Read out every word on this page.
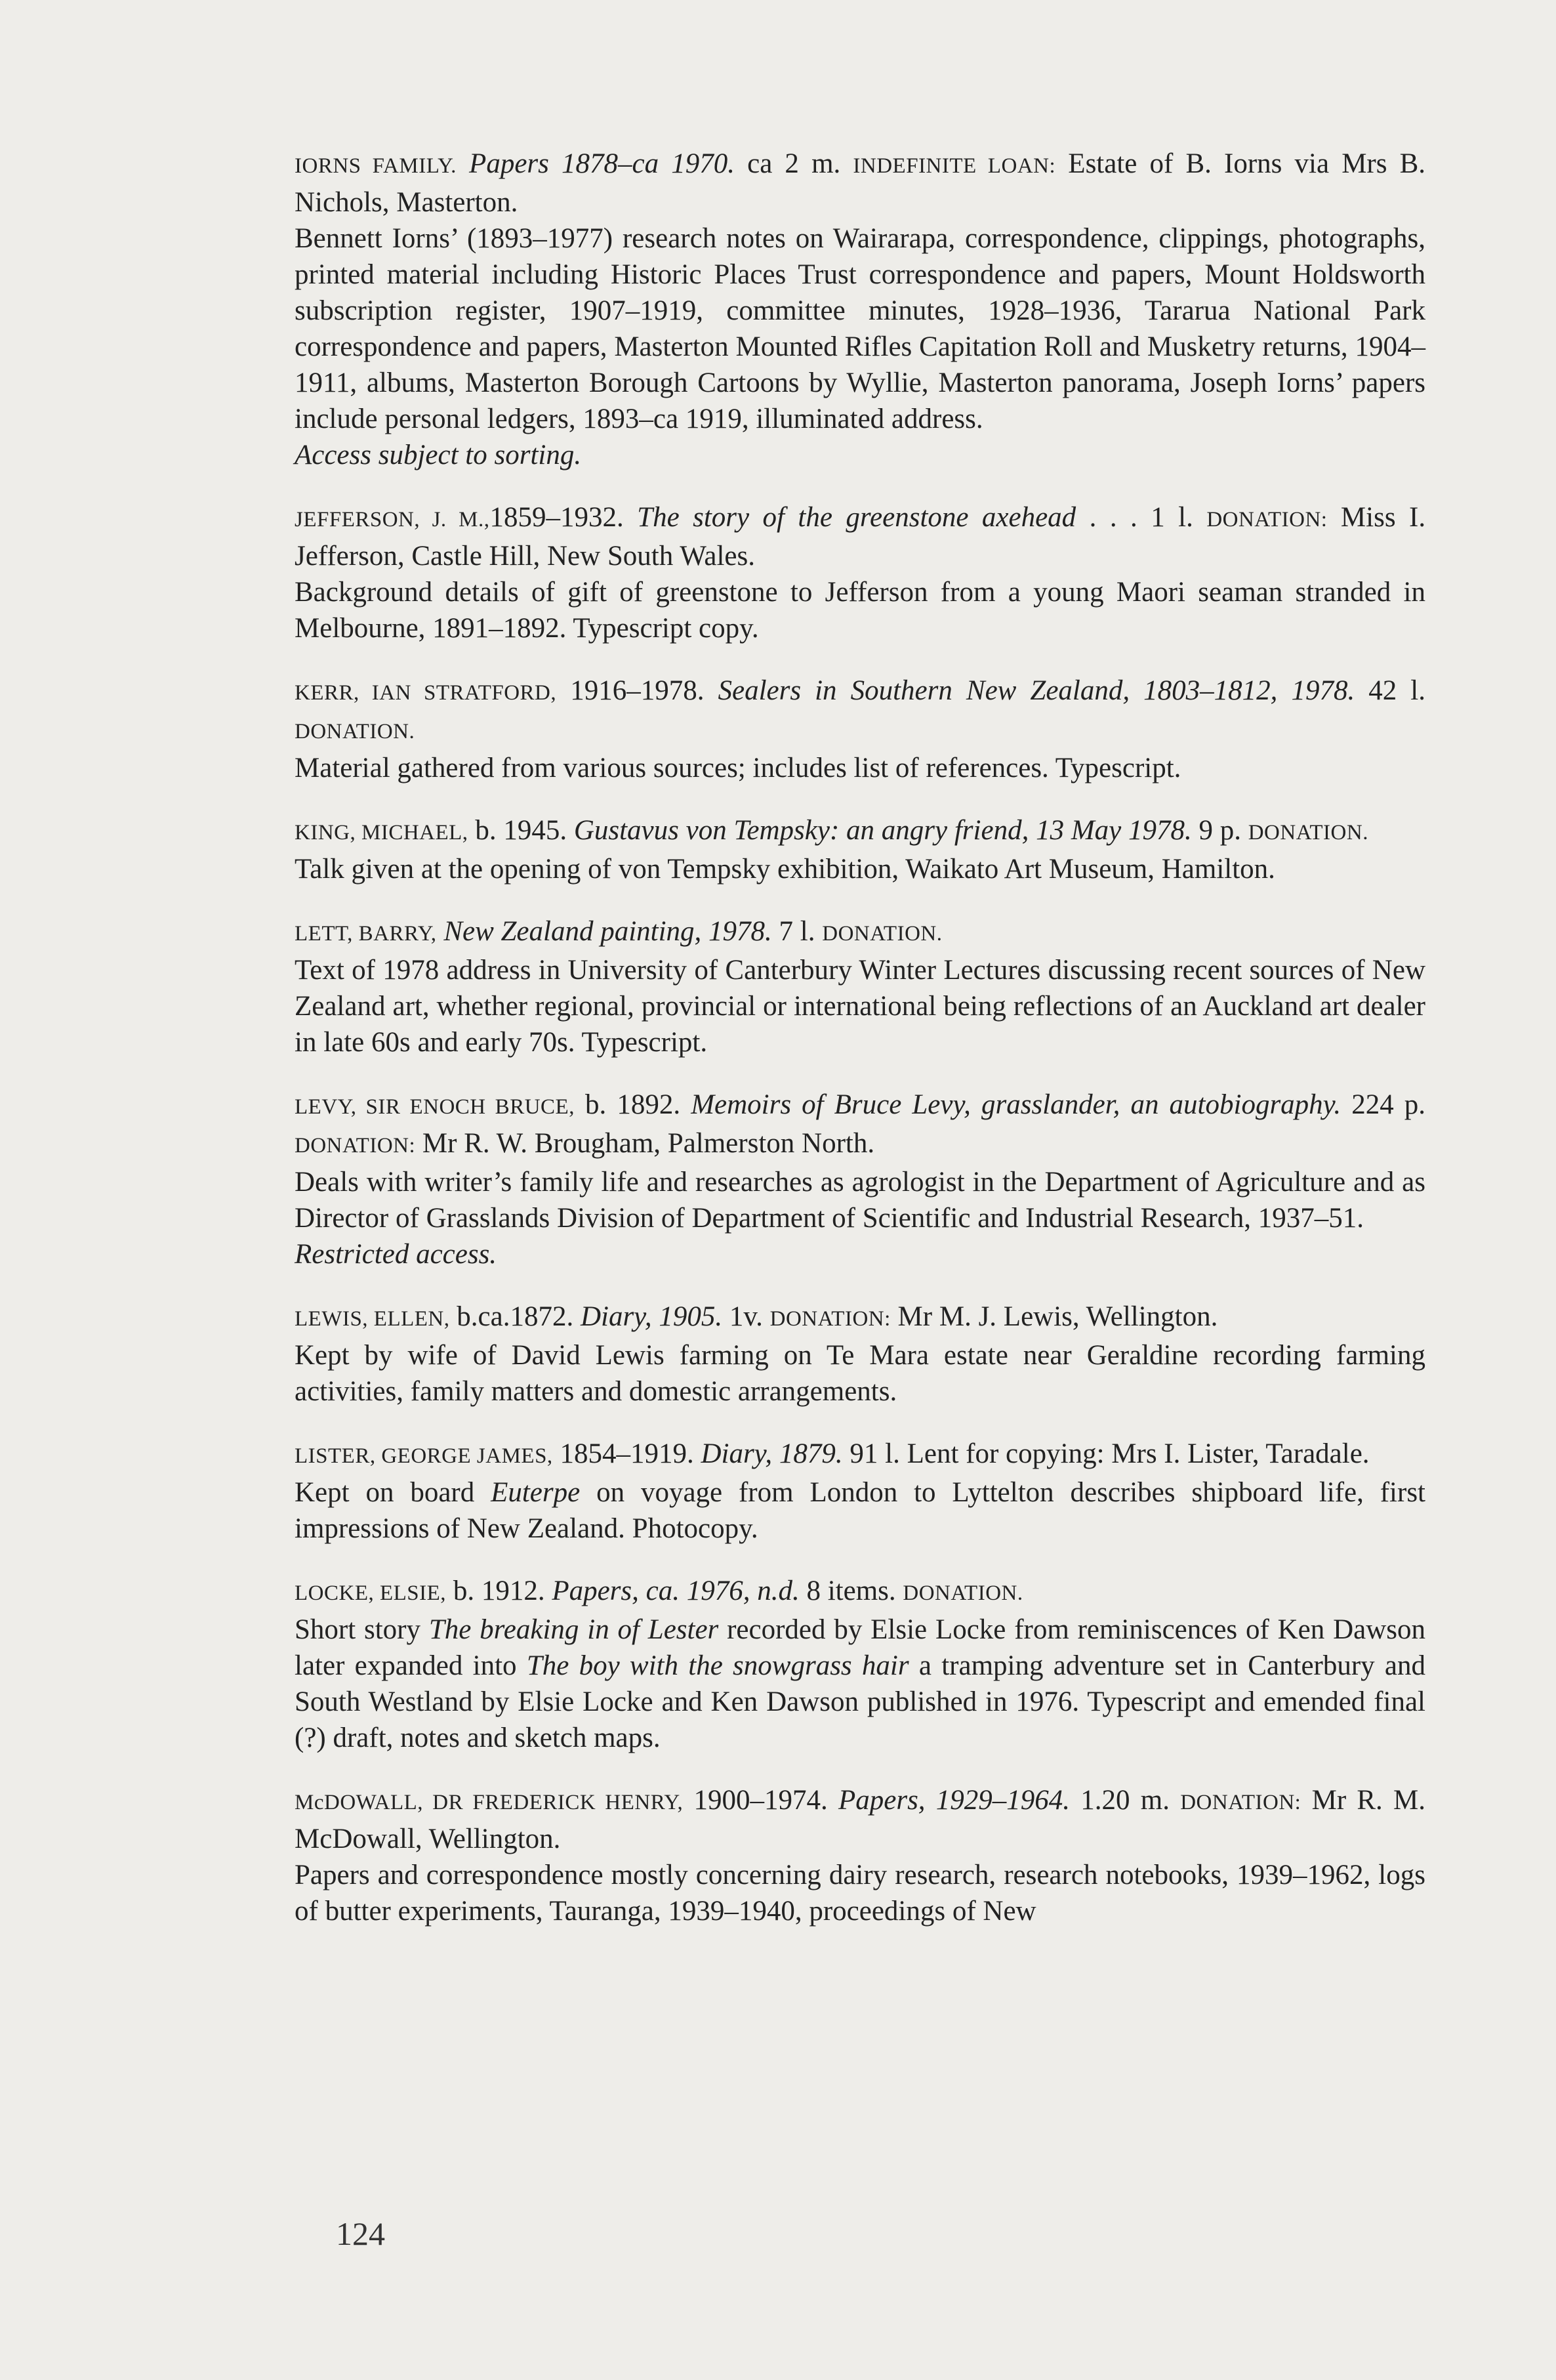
IORNS FAMILY. Papers 1878–ca 1970. ca 2 m. INDEFINITE LOAN: Estate of B. Iorns via Mrs B. Nichols, Masterton.

Bennett Iorns’ (1893–1977) research notes on Wairarapa, correspondence, clippings, photographs, printed material including Historic Places Trust correspondence and papers, Mount Holdsworth subscription register, 1907–1919, committee minutes, 1928–1936, Tararua National Park correspondence and papers, Masterton Mounted Rifles Capitation Roll and Musketry returns, 1904–1911, albums, Masterton Borough Cartoons by Wyllie, Masterton panorama, Joseph Iorns’ papers include personal ledgers, 1893–ca 1919, illuminated address.

Access subject to sorting.

JEFFERSON, J. M.,1859–1932. The story of the greenstone axehead . . . 1 l. DONATION: Miss I. Jefferson, Castle Hill, New South Wales.

Background details of gift of greenstone to Jefferson from a young Maori seaman stranded in Melbourne, 1891–1892. Typescript copy.

KERR, IAN STRATFORD, 1916–1978. Sealers in Southern New Zealand, 1803–1812, 1978. 42 l. DONATION.

Material gathered from various sources; includes list of references. Typescript.

KING, MICHAEL, b. 1945. Gustavus von Tempsky: an angry friend, 13 May 1978. 9 p. DONATION.

Talk given at the opening of von Tempsky exhibition, Waikato Art Museum, Hamilton.

LETT, BARRY, New Zealand painting, 1978. 7 l. DONATION.

Text of 1978 address in University of Canterbury Winter Lectures discussing recent sources of New Zealand art, whether regional, provincial or international being reflections of an Auckland art dealer in late 60s and early 70s. Typescript.

LEVY, SIR ENOCH BRUCE, b. 1892. Memoirs of Bruce Levy, grasslander, an autobiography. 224 p. DONATION: Mr R. W. Brougham, Palmerston North.

Deals with writer’s family life and researches as agrologist in the Department of Agriculture and as Director of Grasslands Division of Department of Scientific and Industrial Research, 1937–51.

Restricted access.

LEWIS, ELLEN, b.ca.1872. Diary, 1905. 1v. DONATION: Mr M. J. Lewis, Wellington.

Kept by wife of David Lewis farming on Te Mara estate near Geraldine recording farming activities, family matters and domestic arrangements.

LISTER, GEORGE JAMES, 1854–1919. Diary, 1879. 91 l. Lent for copying: Mrs I. Lister, Taradale.

Kept on board Euterpe on voyage from London to Lyttelton describes shipboard life, first impressions of New Zealand. Photocopy.

LOCKE, ELSIE, b. 1912. Papers, ca. 1976, n.d. 8 items. DONATION.

Short story The breaking in of Lester recorded by Elsie Locke from reminiscences of Ken Dawson later expanded into The boy with the snowgrass hair a tramping adventure set in Canterbury and South Westland by Elsie Locke and Ken Dawson published in 1976. Typescript and emended final (?) draft, notes and sketch maps.

McDOWALL, DR FREDERICK HENRY, 1900–1974. Papers, 1929–1964. 1.20 m. DONATION: Mr R. M. McDowall, Wellington.

Papers and correspondence mostly concerning dairy research, research notebooks, 1939–1962, logs of butter experiments, Tauranga, 1939–1940, proceedings of New

124
